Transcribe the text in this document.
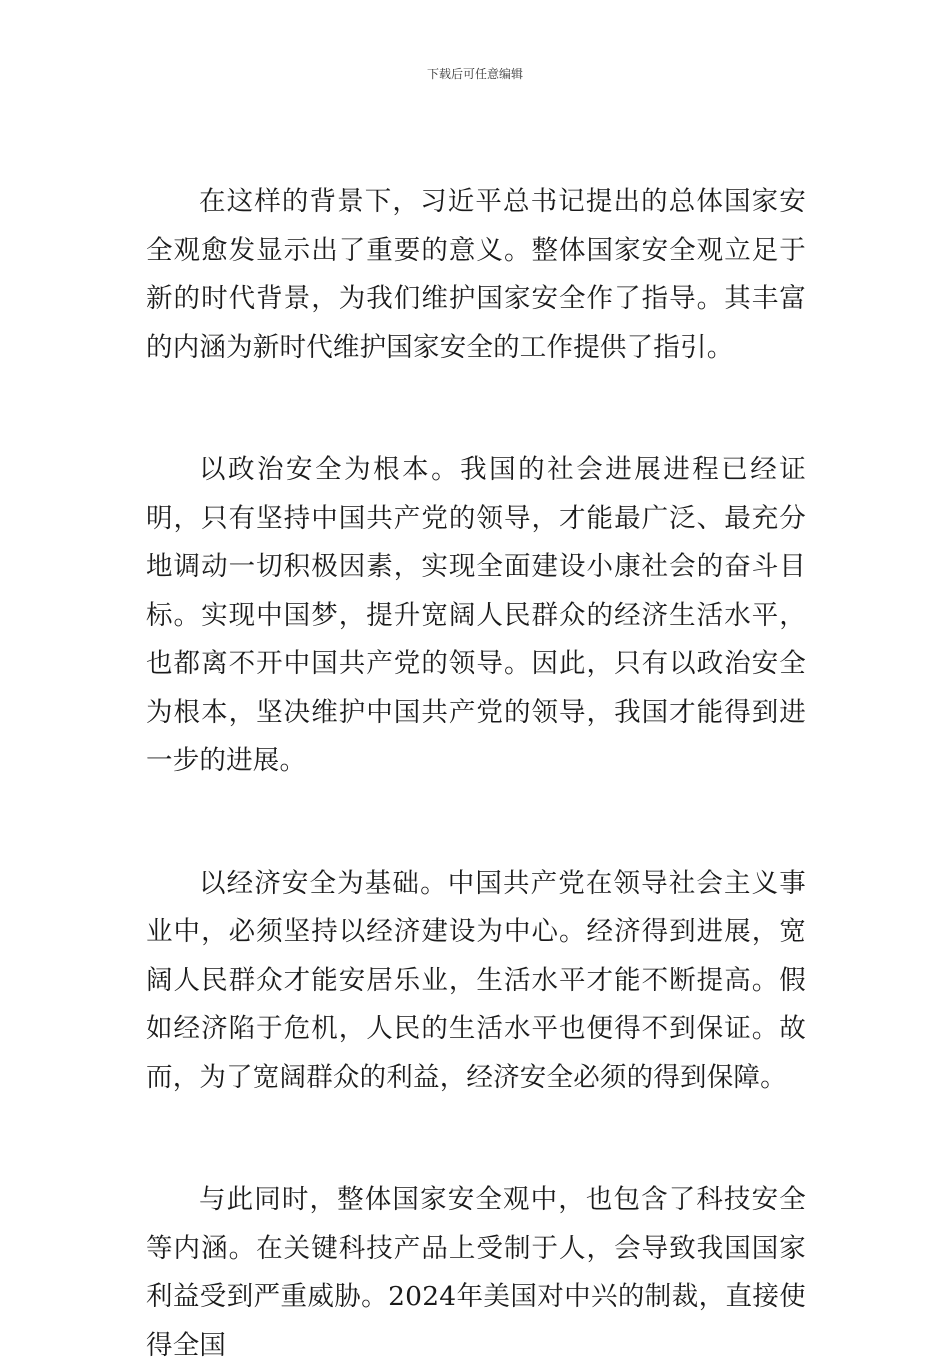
下载后可任意编辑

在这样的背景下，习近平总书记提出的总体国家安全观愈发显示出了重要的意义。整体国家安全观立足于新的时代背景，为我们维护国家安全作了指导。其丰富的内涵为新时代维护国家安全的工作提供了指引。

以政治安全为根本。我国的社会进展进程已经证明，只有坚持中国共产党的领导，才能最广泛、最充分地调动一切积极因素，实现全面建设小康社会的奋斗目标。实现中国梦，提升宽阔人民群众的经济生活水平，也都离不开中国共产党的领导。因此，只有以政治安全为根本，坚决维护中国共产党的领导，我国才能得到进一步的进展。

以经济安全为基础。中国共产党在领导社会主义事业中，必须坚持以经济建设为中心。经济得到进展，宽阔人民群众才能安居乐业，生活水平才能不断提高。假如经济陷于危机，人民的生活水平也便得不到保证。故而，为了宽阔群众的利益，经济安全必须的得到保障。

与此同时，整体国家安全观中，也包含了科技安全等内涵。在关键科技产品上受制于人，会导致我国国家利益受到严重威胁。2024年美国对中兴的制裁，直接使得全国
